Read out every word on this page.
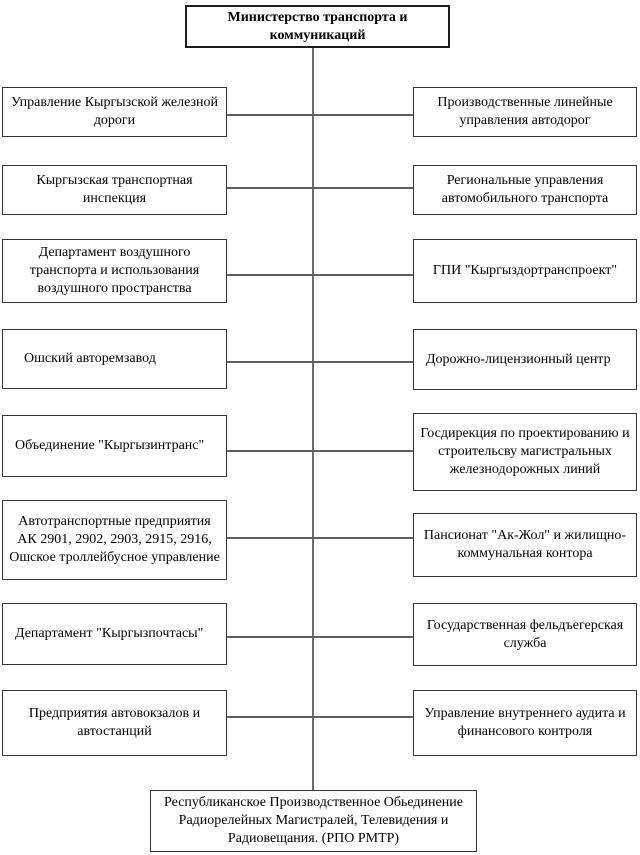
Министерство транспорта и коммуникаций
Управление Кыргызской железной дороги
Кыргызская транспортная инспекция
Департамент воздушного транспорта и использования воздушного пространства
Ошский авторемзавод
Объединение "Кыргызинтранс"
Автотранспортные предприятия АК 2901, 2902, 2903, 2915, 2916, Ошское троллейбусное управление
Департамент "Кыргызпочтасы"
Предприятия автовокзалов и автостанций
Производственные линейные управления автодорог
Региональные управления автомобильного транспорта
ГПИ "Кыргыздортранспроект"
Дорожно-лицензионный центр
Госдирекция по проектированию и строительсву магистральных железнодорожных линий
Пансионат "Ак-Жол" и жилищно-коммунальная контора
Государственная фельдъегерская служба
Управление внутреннего аудита и финансового контроля
Республиканское Производственное Обьединение Радиорелейных Магистралей, Телевидения и Радиовещания. (РПО РМТР)
